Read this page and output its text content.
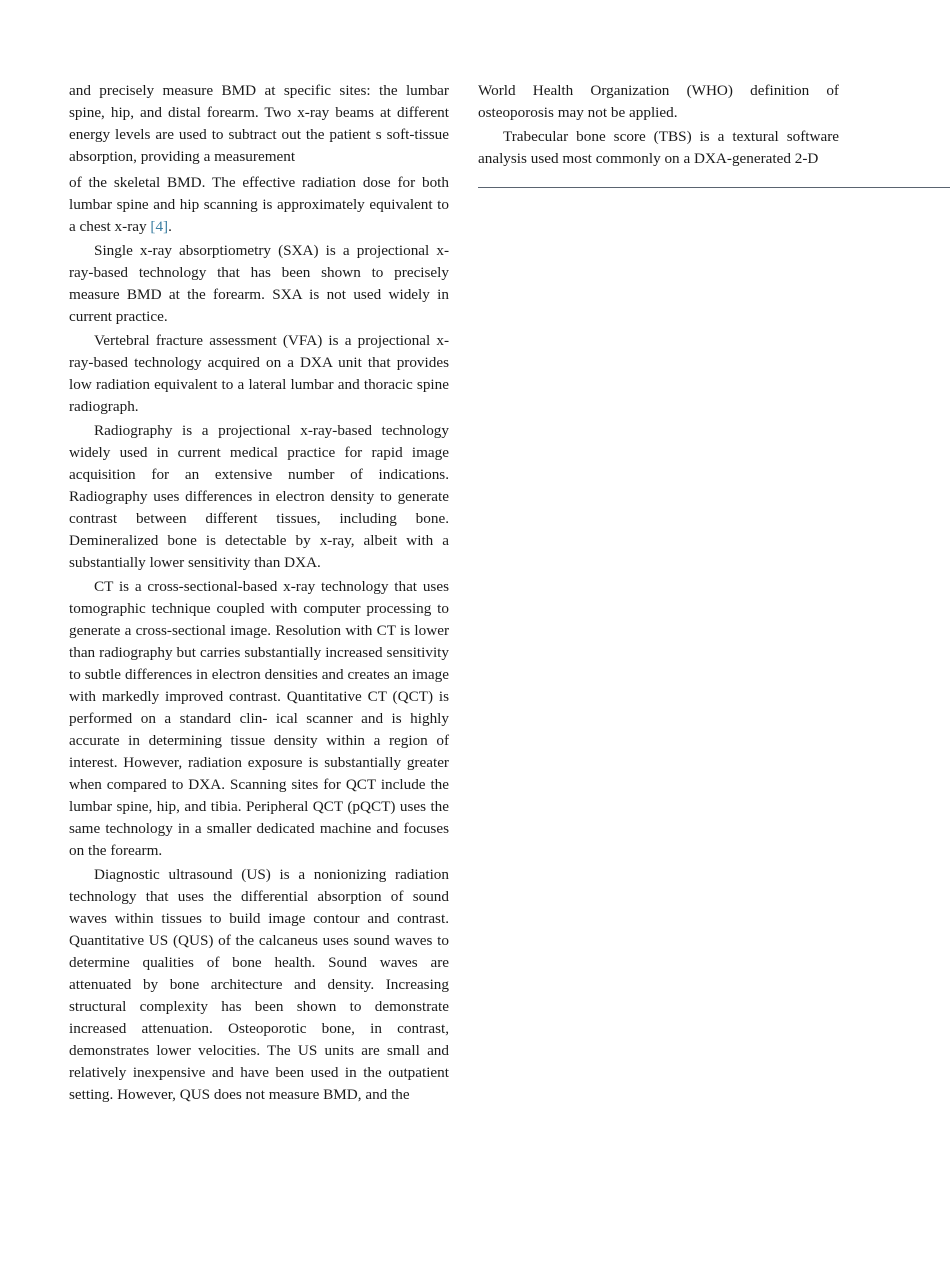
and precisely measure BMD at specific sites: the lumbar spine, hip, and distal forearm. Two x-ray beams at different energy levels are used to subtract out the patient s soft-tissue absorption, providing a measurement

of the skeletal BMD. The effective radiation dose for both lumbar spine and hip scanning is approximately equivalent to a chest x-ray [4].

Single x-ray absorptiometry (SXA) is a projectional x-ray-based technology that has been shown to precisely measure BMD at the forearm. SXA is not used widely in current practice.

Vertebral fracture assessment (VFA) is a projectional x-ray-based technology acquired on a DXA unit that provides low radiation equivalent to a lateral lumbar and thoracic spine radiograph.

Radiography is a projectional x-ray-based technology widely used in current medical practice for rapid image acquisition for an extensive number of indications. Radiography uses differences in electron density to generate contrast between different tissues, including bone. Demineralized bone is detectable by x-ray, albeit with a substantially lower sensitivity than DXA.

CT is a cross-sectional-based x-ray technology that uses tomographic technique coupled with computer processing to generate a cross-sectional image. Resolution with CT is lower than radiography but carries substantially increased sensitivity to subtle differences in electron densities and creates an image with markedly improved contrast. Quantitative CT (QCT) is performed on a standard clin- ical scanner and is highly accurate in determining tissue density within a region of interest. However, radiation exposure is substantially greater when compared to DXA. Scanning sites for QCT include the lumbar spine, hip, and tibia. Peripheral QCT (pQCT) uses the same technology in a smaller dedicated machine and focuses on the forearm.

Diagnostic ultrasound (US) is a nonionizing radiation technology that uses the differential absorption of sound waves within tissues to build image contour and contrast. Quantitative US (QUS) of the calcaneus uses sound waves to determine qualities of bone health. Sound waves are attenuated by bone architecture and density. Increasing structural complexity has been shown to demonstrate increased attenuation. Osteoporotic bone, in contrast, demonstrates lower velocities. The US units are small and relatively inexpensive and have been used in the outpatient setting. However, QUS does not measure BMD, and the

World Health Organization (WHO) definition of osteoporosis may not be applied.

Trabecular bone score (TBS) is a textural software analysis used most commonly on a DXA-generated 2-D
